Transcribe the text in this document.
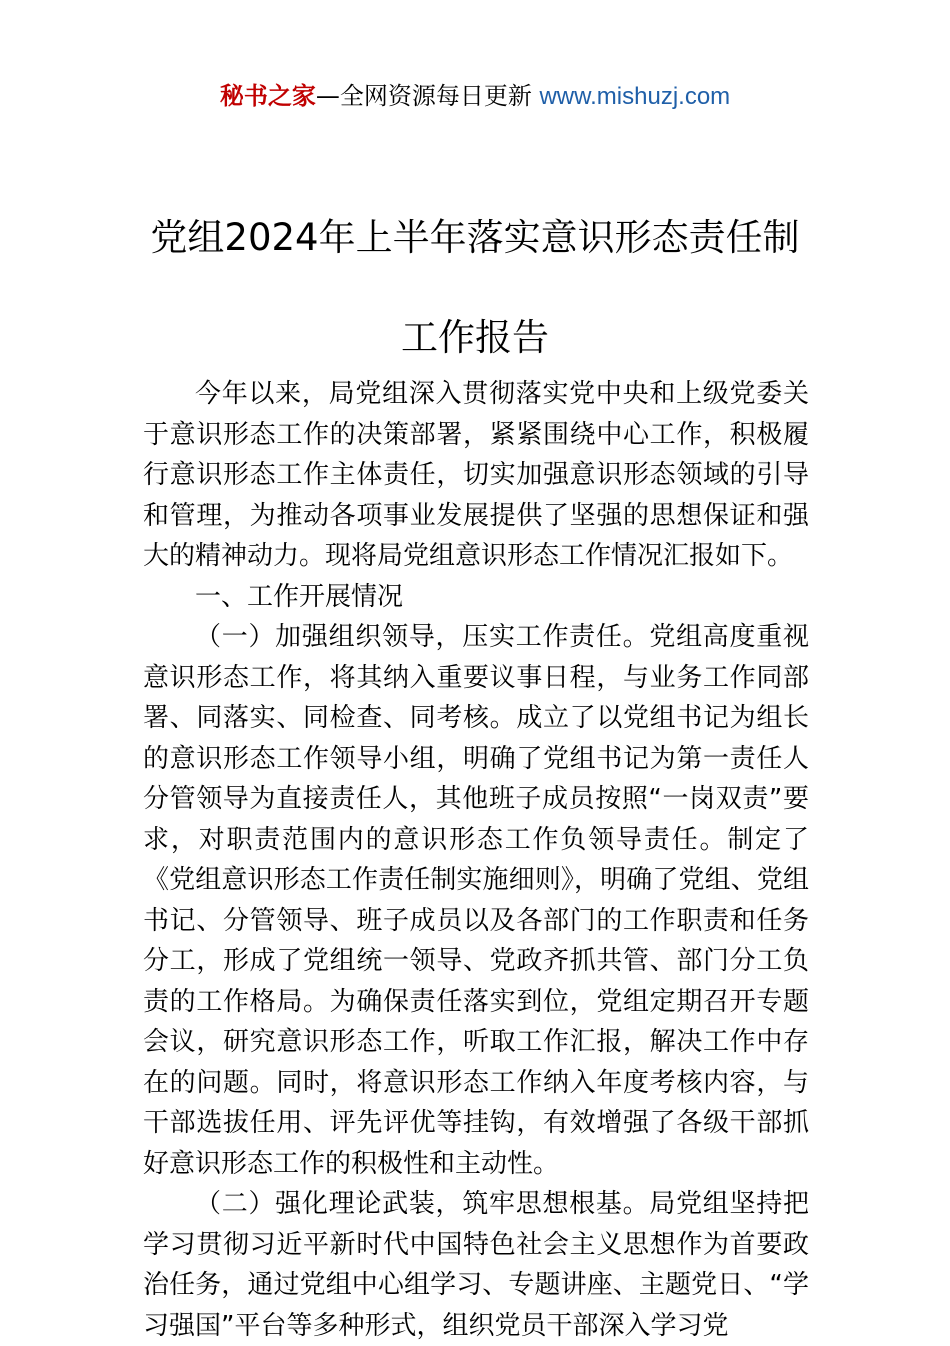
秘书之家—全网资源每日更新 www.mishuzj.com
党组2024年上半年落实意识形态责任制
工作报告

今年以来，局党组深入贯彻落实党中央和上级党委关于意识形态工作的决策部署，紧紧围绕中心工作，积极履行意识形态工作主体责任，切实加强意识形态领域的引导和管理，为推动各项事业发展提供了坚强的思想保证和强大的精神动力。现将局党组意识形态工作情况汇报如下。

一、工作开展情况

（一）加强组织领导，压实工作责任。党组高度重视意识形态工作，将其纳入重要议事日程，与业务工作同部署、同落实、同检查、同考核。成立了以党组书记为组长的意识形态工作领导小组，明确了党组书记为第一责任人分管领导为直接责任人，其他班子成员按照“一岗双责”要求，对职责范围内的意识形态工作负领导责任。制定了《党组意识形态工作责任制实施细则》，明确了党组、党组书记、分管领导、班子成员以及各部门的工作职责和任务分工，形成了党组统一领导、党政齐抓共管、部门分工负责的工作格局。为确保责任落实到位，党组定期召开专题会议，研究意识形态工作，听取工作汇报，解决工作中存在的问题。同时，将意识形态工作纳入年度考核内容，与干部选拔任用、评先评优等挂钩，有效增强了各级干部抓好意识形态工作的积极性和主动性。

（二）强化理论武装，筑牢思想根基。局党组坚持把学习贯彻习近平新时代中国特色社会主义思想作为首要政治任务，通过党组中心组学习、专题讲座、主题党日、“学习强国”平台等多种形式，组织党员干部深入学习党
